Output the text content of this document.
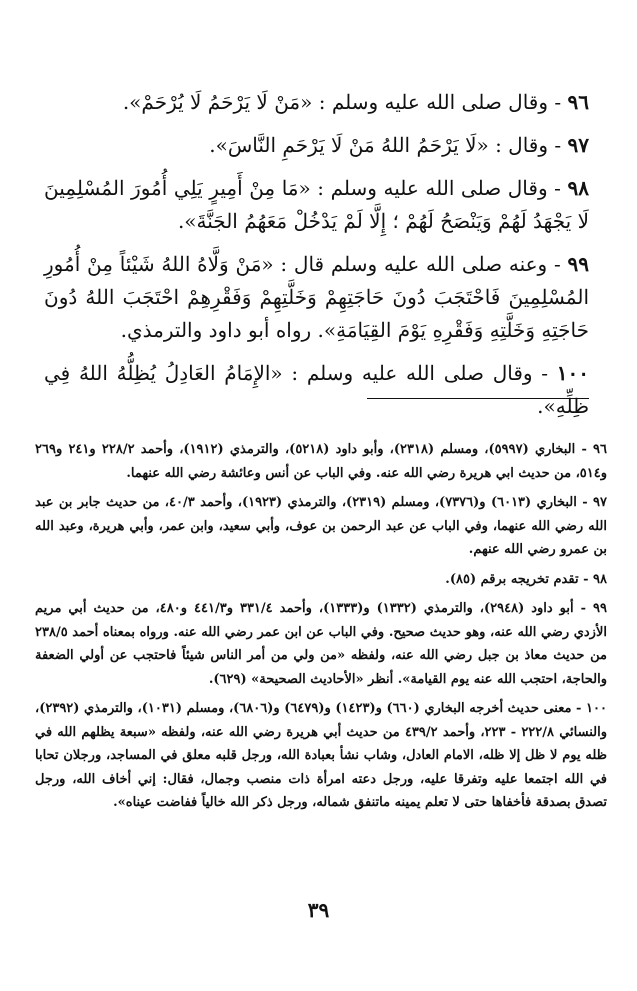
٩٦ - وقال صلى الله عليه وسلم : «مَنْ لَا يَرْحَمُ لَا يُرْحَمْ».

٩٧ - وقال : «لَا يَرْحَمُ اللهُ مَنْ لَا يَرْحَمِ النَّاسَ».

٩٨ - وقال صلى الله عليه وسلم : «مَا مِنْ أَمِيرٍ يَلِي أُمُورَ المُسْلِمِينَ لَا يَجْهَدُ لَهُمْ وَيَنْصَحُ لَهُمْ ؛ إِلَّا لَمْ يَدْخُلْ مَعَهُمُ الجَنَّةَ».

٩٩ - وعنه صلى الله عليه وسلم قال : «مَنْ وَلَّاهُ اللهُ شَيْئاً مِنْ أُمُورِ المُسْلِمِينَ فَاحْتَجَبَ دُونَ حَاجَتِهِمْ وَخَلَّتِهِمْ وَفَقْرِهِمْ احْتَجَبَ اللهُ دُونَ حَاجَتِهِ وَخَلَّتِهِ وَفَقْرِهِ يَوْمَ القِيَامَةِ». رواه أبو داود والترمذي.

١٠٠ - وقال صلى الله عليه وسلم : «الإِمَامُ العَادِلُ يُظِلُّهُ اللهُ فِي ظِلِّهِ».

٩٦ - البخاري (٥٩٩٧)، ومسلم (٢٣١٨)، وأبو داود (٥٢١٨)، والترمذي (١٩١٢)، وأحمد ٢٢٨/٢ و٢٤١ و٢٦٩ و٥١٤، من حديث ابي هريرة رضي الله عنه. وفي الباب عن أنس وعائشة رضي الله عنهما.

٩٧ - البخاري (٦٠١٣) و(٧٣٧٦)، ومسلم (٢٣١٩)، والترمذي (١٩٢٣)، وأحمد ٤٠/٣، من حديث جابر بن عبد الله رضي الله عنهما، وفي الباب عن عبد الرحمن بن عوف، وأبي سعيد، وابن عمر، وأبي هريرة، وعبد الله بن عمرو رضي الله عنهم.

٩٨ - تقدم تخريجه برقم (٨٥).

٩٩ - أبو داود (٢٩٤٨)، والترمذي (١٣٣٢) و(١٣٣٣)، وأحمد ٣٣١/٤ و٤٤١/٣ و٤٨٠، من حديث أبي مريم الأزدي رضي الله عنه، وهو حديث صحيح. وفي الباب عن ابن عمر رضي الله عنه. ورواه بمعناه أحمد ٢٣٨/٥ من حديث معاذ بن جبل رضي الله عنه، ولفظه «من ولي من أمر الناس شيئاً فاحتجب عن أولي الضعفة والحاجة، احتجب الله عنه يوم القيامة». أنظر «الأحاديث الصحيحة» (٦٢٩).

١٠٠ - معنى حديث أخرجه البخاري (٦٦٠) و(١٤٢٣) و(٦٤٧٩) و(٦٨٠٦)، ومسلم (١٠٣١)، والترمذي (٢٣٩٢)، والنسائي ٢٢٢/٨ - ٢٢٣، وأحمد ٤٣٩/٢ من حديث أبي هريرة رضي الله عنه، ولفظه «سبعة يظلهم الله في ظله يوم لا ظل إلا ظله، الامام العادل، وشاب نشأ بعبادة الله، ورجل قلبه معلق في المساجد، ورجلان تحابا في الله اجتمعا عليه وتفرقا عليه، ورجل دعته امرأة ذات منصب وجمال، فقال: إني أخاف الله، ورجل تصدق بصدقة فأخفاها حتى لا تعلم يمينه ماتنفق شماله، ورجل ذكر الله خالياً ففاضت عيناه».

٣٩
